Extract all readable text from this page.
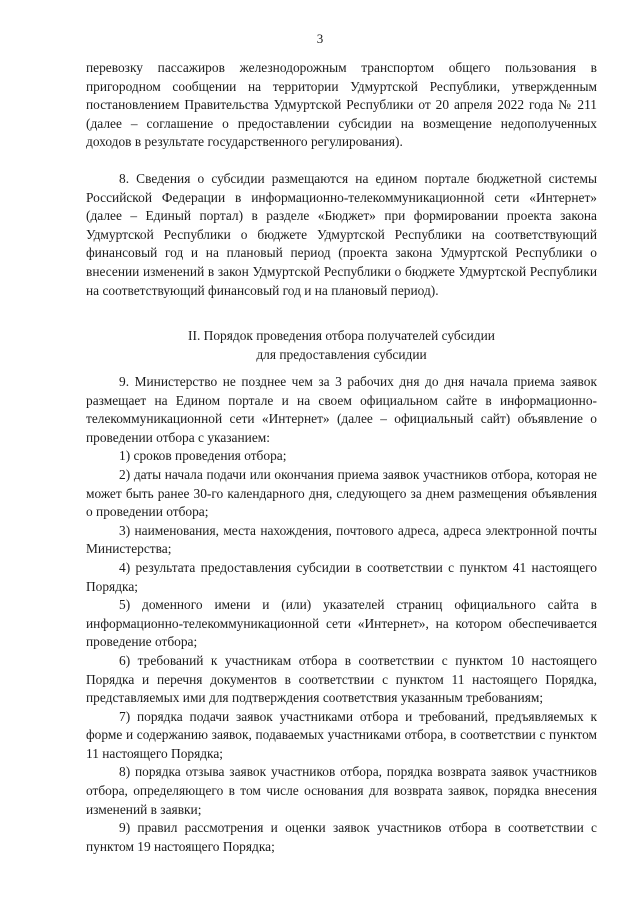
3

перевозку пассажиров железнодорожным транспортом общего пользования в пригородном сообщении на территории Удмуртской Республики, утвержденным постановлением Правительства Удмуртской Республики от 20 апреля 2022 года № 211 (далее – соглашение о предоставлении субсидии на возмещение недополученных доходов в результате государственного регулирования).

8. Сведения о субсидии размещаются на едином портале бюджетной системы Российской Федерации в информационно-телекоммуникационной сети «Интернет» (далее – Единый портал) в разделе «Бюджет» при формировании проекта закона Удмуртской Республики о бюджете Удмуртской Республики на соответствующий финансовый год и на плановый период (проекта закона Удмуртской Республики о внесении изменений в закон Удмуртской Республики о бюджете Удмуртской Республики на соответствующий финансовый год и на плановый период).

II. Порядок проведения отбора получателей субсидии
для предоставления субсидии

9. Министерство не позднее чем за 3 рабочих дня до дня начала приема заявок размещает на Едином портале и на своем официальном сайте в информационно-телекоммуникационной сети «Интернет» (далее – официальный сайт) объявление о проведении отбора с указанием:

1) сроков проведения отбора;

2) даты начала подачи или окончания приема заявок участников отбора, которая не может быть ранее 30-го календарного дня, следующего за днем размещения объявления о проведении отбора;

3) наименования, места нахождения, почтового адреса, адреса электронной почты Министерства;

4) результата предоставления субсидии в соответствии с пунктом 41 настоящего Порядка;

5) доменного имени и (или) указателей страниц официального сайта в информационно-телекоммуникационной сети «Интернет», на котором обеспечивается проведение отбора;

6) требований к участникам отбора в соответствии с пунктом 10 настоящего Порядка и перечня документов в соответствии с пунктом 11 настоящего Порядка, представляемых ими для подтверждения соответствия указанным требованиям;

7) порядка подачи заявок участниками отбора и требований, предъявляемых к форме и содержанию заявок, подаваемых участниками отбора, в соответствии с пунктом 11 настоящего Порядка;

8) порядка отзыва заявок участников отбора, порядка возврата заявок участников отбора, определяющего в том числе основания для возврата заявок, порядка внесения изменений в заявки;

9) правил рассмотрения и оценки заявок участников отбора в соответствии с пунктом 19 настоящего Порядка;
